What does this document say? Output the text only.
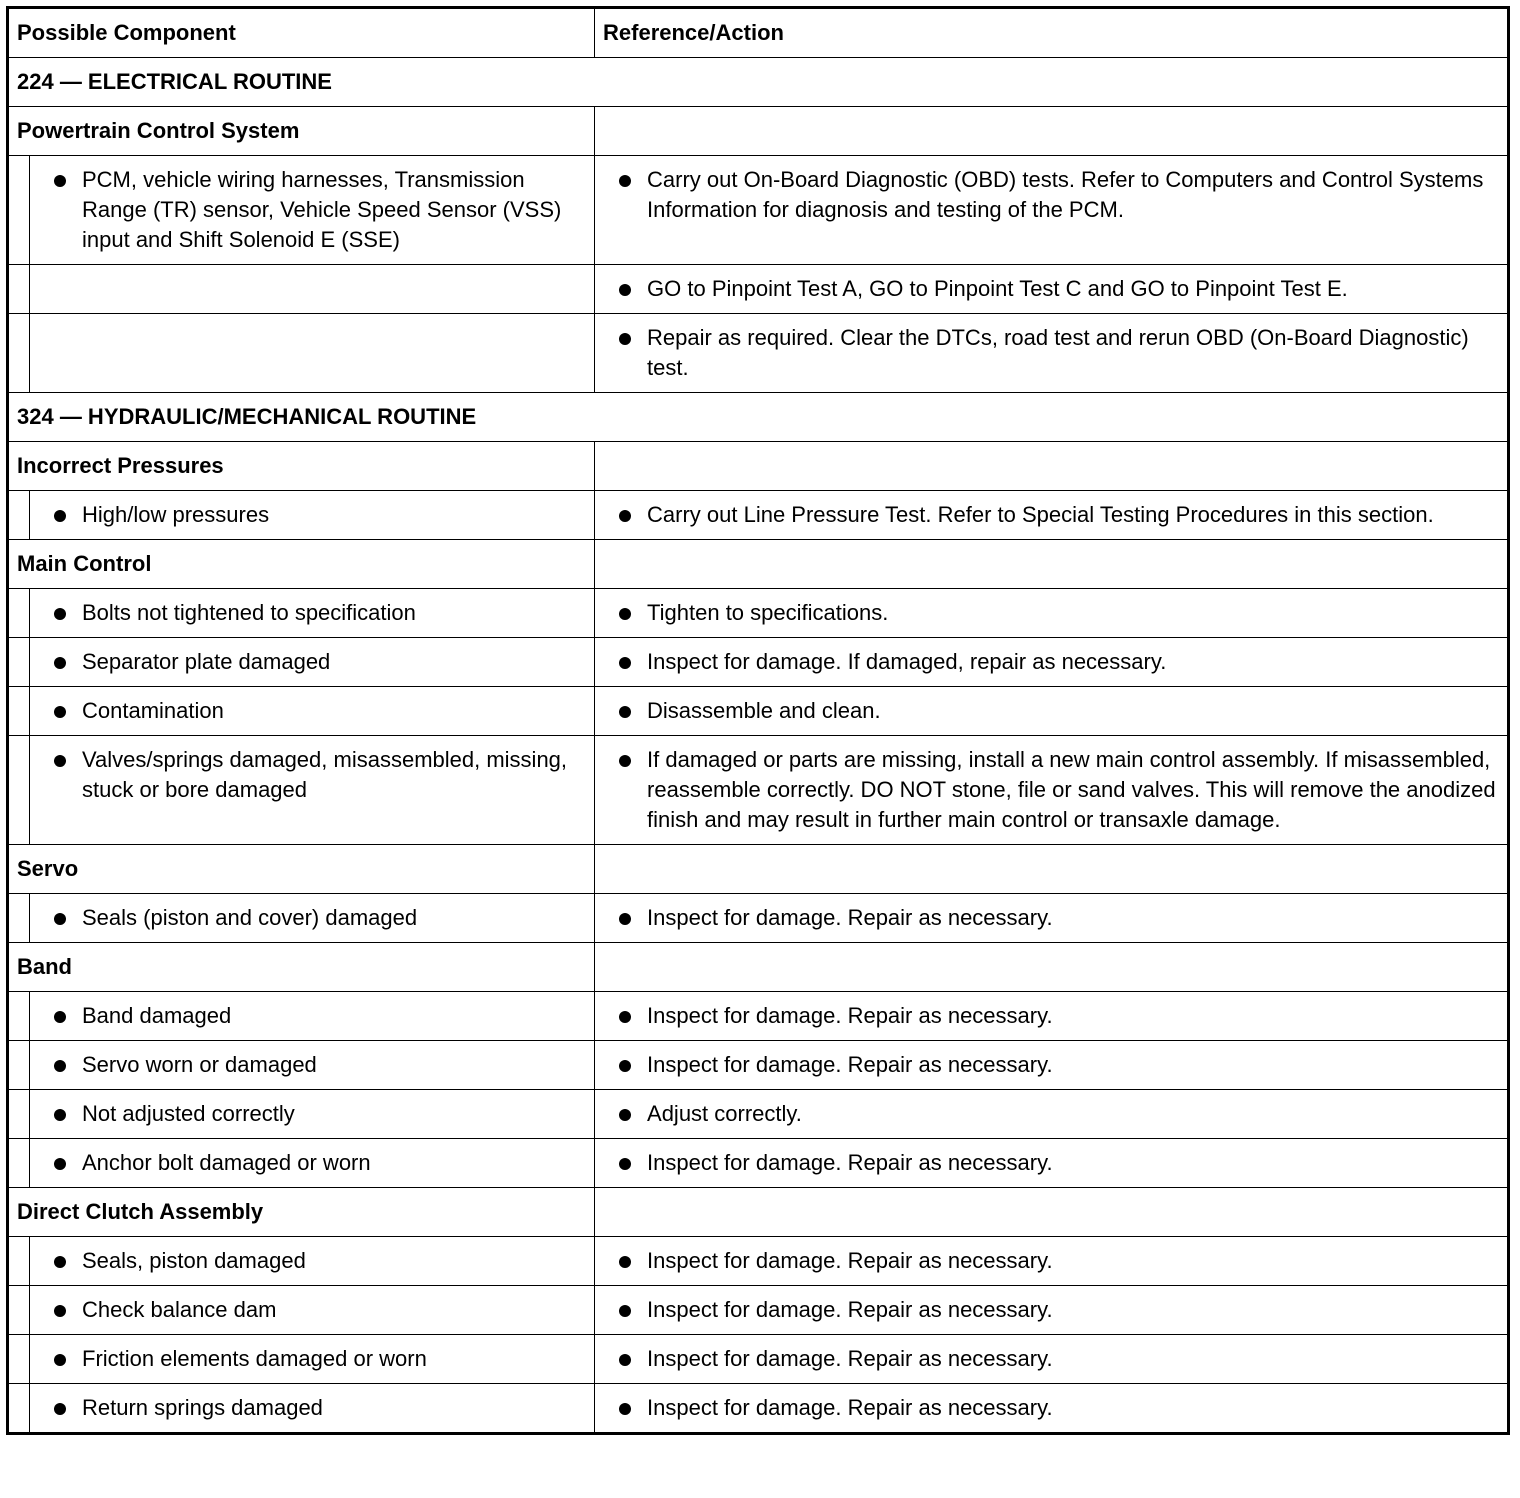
Possible Component		Reference/Action
224 — ELECTRICAL ROUTINE		
Powertrain Control System		

	PCM, vehicle wiring harnesses, Transmission Range (TR) sensor, Vehicle Speed Sensor (VSS) input and Shift Solenoid E (SSE)	Carry out On-Board Diagnostic (OBD) tests. Refer to Computers and Control Systems Information for diagnosis and testing of the PCM.

		GO to Pinpoint Test A, GO to Pinpoint Test C and GO to Pinpoint Test E.

		Repair as required. Clear the DTCs, road test and rerun OBD (On-Board Diagnostic) test.

324 — HYDRAULIC/MECHANICAL ROUTINE		
Incorrect Pressures		

	High/low pressures	Carry out Line Pressure Test. Refer to Special Testing Procedures in this section.

Main Control		

	Bolts not tightened to specification	Tighten to specifications.

	Separator plate damaged	Inspect for damage. If damaged, repair as necessary.

	Contamination	Disassemble and clean.

	Valves/springs damaged, misassembled, missing, stuck or bore damaged	If damaged or parts are missing, install a new main control assembly. If misassembled, reassemble correctly. DO NOT stone, file or sand valves. This will remove the anodized finish and may result in further main control or transaxle damage.

Servo		

	Seals (piston and cover) damaged	Inspect for damage. Repair as necessary.

Band		

	Band damaged	Inspect for damage. Repair as necessary.

	Servo worn or damaged	Inspect for damage. Repair as necessary.

	Not adjusted correctly	Adjust correctly.

	Anchor bolt damaged or worn	Inspect for damage. Repair as necessary.

Direct Clutch Assembly		

	Seals, piston damaged	Inspect for damage. Repair as necessary.

	Check balance dam	Inspect for damage. Repair as necessary.

	Friction elements damaged or worn	Inspect for damage. Repair as necessary.

	Return springs damaged	Inspect for damage. Repair as necessary.
